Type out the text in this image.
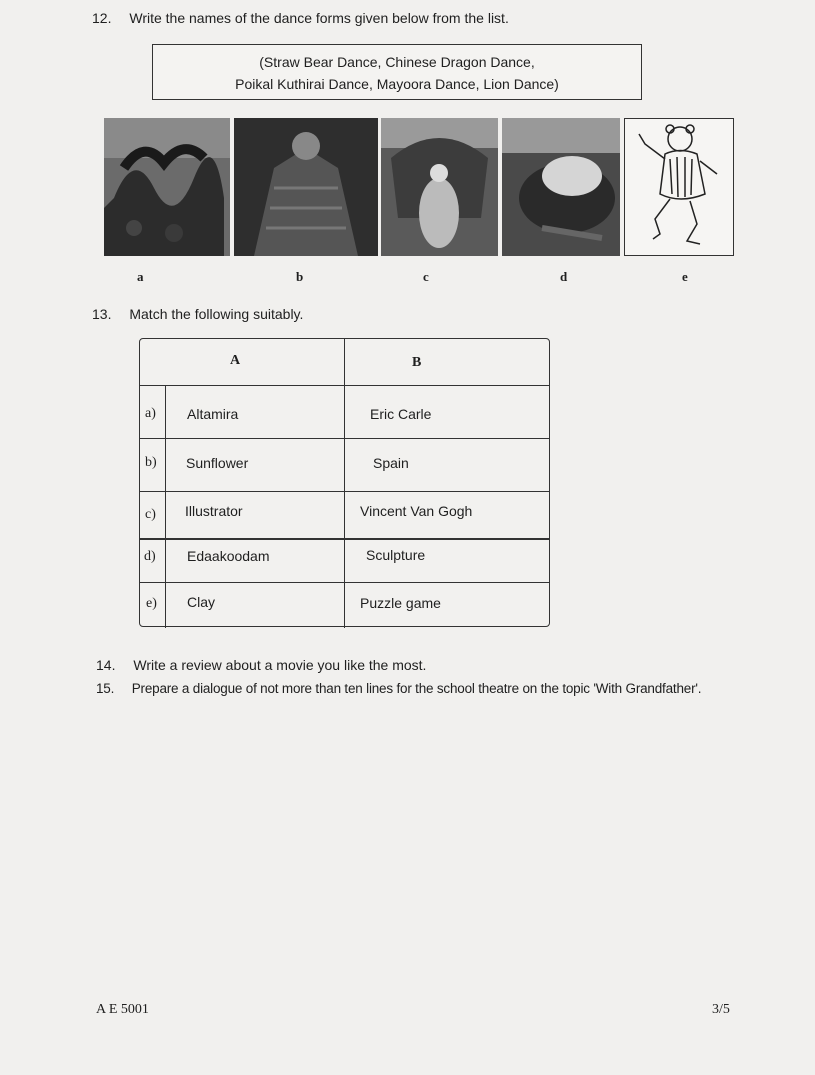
12. Write the names of the dance forms given below from the list.
(Straw Bear Dance, Chinese Dragon Dance,
Poikal Kuthirai Dance, Mayoora Dance, Lion Dance)
a	b	c	d	e
13. Match the following suitably.
A	B
a) Altamira	Eric Carle
b) Sunflower	Spain
c) Illustrator	Vincent Van Gogh
d) Edaakoodam	Sculpture
e) Clay	Puzzle game
14. Write a review about a movie you like the most.
15. Prepare a dialogue of not more than ten lines for the school theatre on the topic 'With Grandfather'.
A E 5001	3/5
